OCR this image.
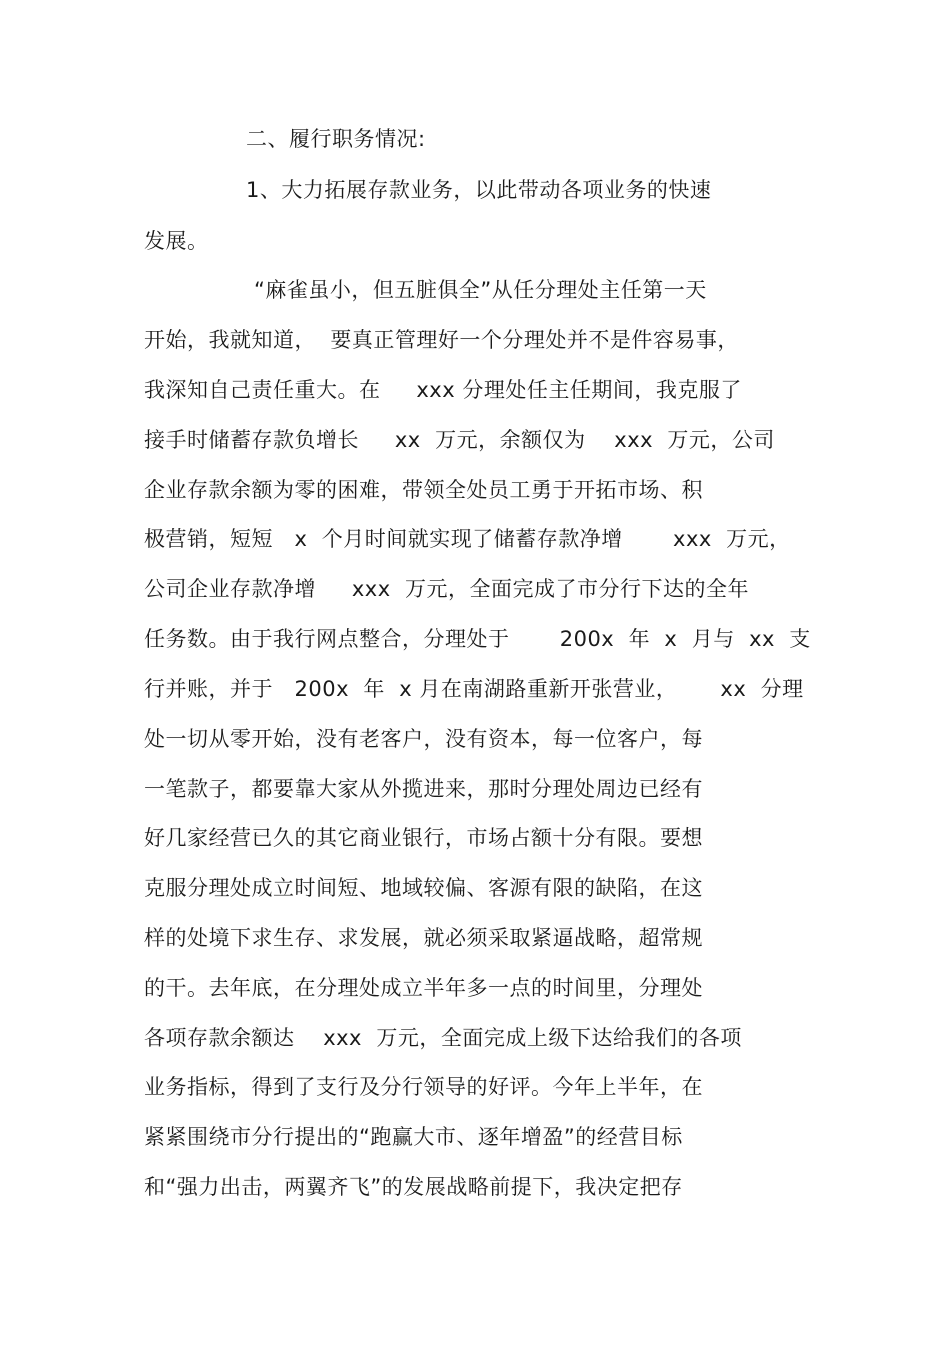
二、履行职务情况:
1、大力拓展存款业务，以此带动各项业务的快速
发展。
“麻雀虽小，但五脏俱全”从任分理处主任第一天
开始，我就知道，  要真正管理好一个分理处并不是件容易事，
我深知自己责任重大。在     xxx 分理处任主任期间，我克服了
接手时储蓄存款负增长     xx  万元，余额仅为    xxx  万元，公司
企业存款余额为零的困难，带领全处员工勇于开拓市场、积
极营销，短短   x  个月时间就实现了储蓄存款净增       xxx  万元，
公司企业存款净增     xxx  万元，全面完成了市分行下达的全年
任务数。由于我行网点整合，分理处于       200x  年  x  月与  xx  支
行并账，并于   200x  年  x 月在南湖路重新开张营业，      xx  分理
处一切从零开始，没有老客户，没有资本，每一位客户，每
一笔款子，都要靠大家从外揽进来，那时分理处周边已经有
好几家经营已久的其它商业银行，市场占额十分有限。要想
克服分理处成立时间短、地域较偏、客源有限的缺陷，在这
样的处境下求生存、求发展，就必须采取紧逼战略，超常规
的干。去年底，在分理处成立半年多一点的时间里，分理处
各项存款余额达    xxx  万元，全面完成上级下达给我们的各项
业务指标，得到了支行及分行领导的好评。今年上半年，在
紧紧围绕市分行提出的“跑赢大市、逐年增盈”的经营目标
和“强力出击，两翼齐飞”的发展战略前提下，我决定把存
